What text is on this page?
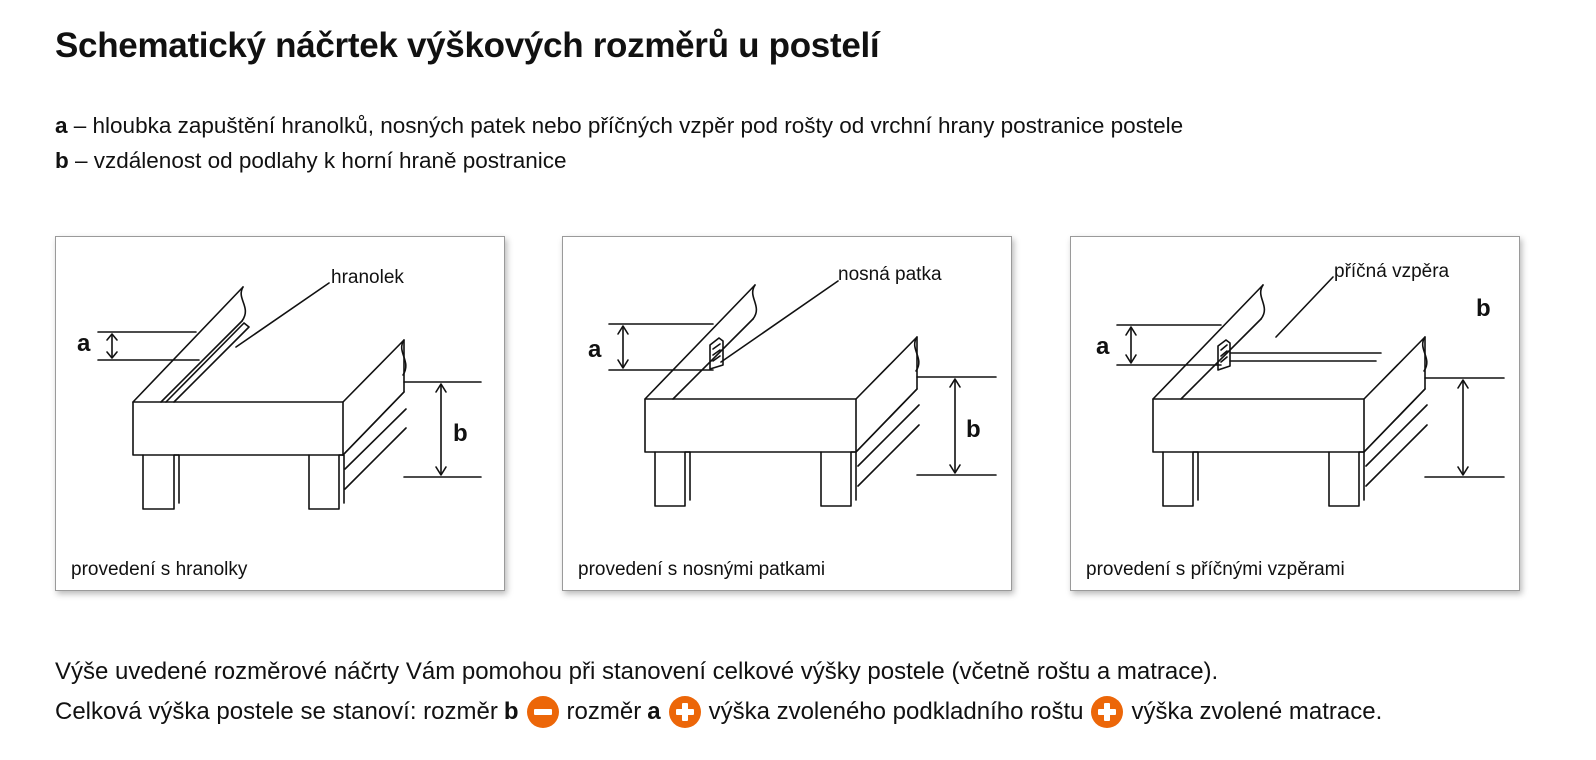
Schematický náčrtek výškových rozměrů u postelí
a – hloubka zapuštění hranolků, nosných patek nebo příčných vzpěr pod rošty od vrchní hrany postranice postele
b – vzdálenost od podlahy k horní hraně postranice
hranolek
a
b
provedení s hranolky
nosná patka
a
b
provedení s nosnými patkami
příčná vzpěra
a
b
provedení s příčnými vzpěrami
Výše uvedené rozměrové náčrty Vám pomohou při stanovení celkové výšky postele (včetně roštu a matrace).
Celková výška postele se stanoví: rozměr b rozměr a výška zvoleného podkladního roštu výška zvolené matrace.
